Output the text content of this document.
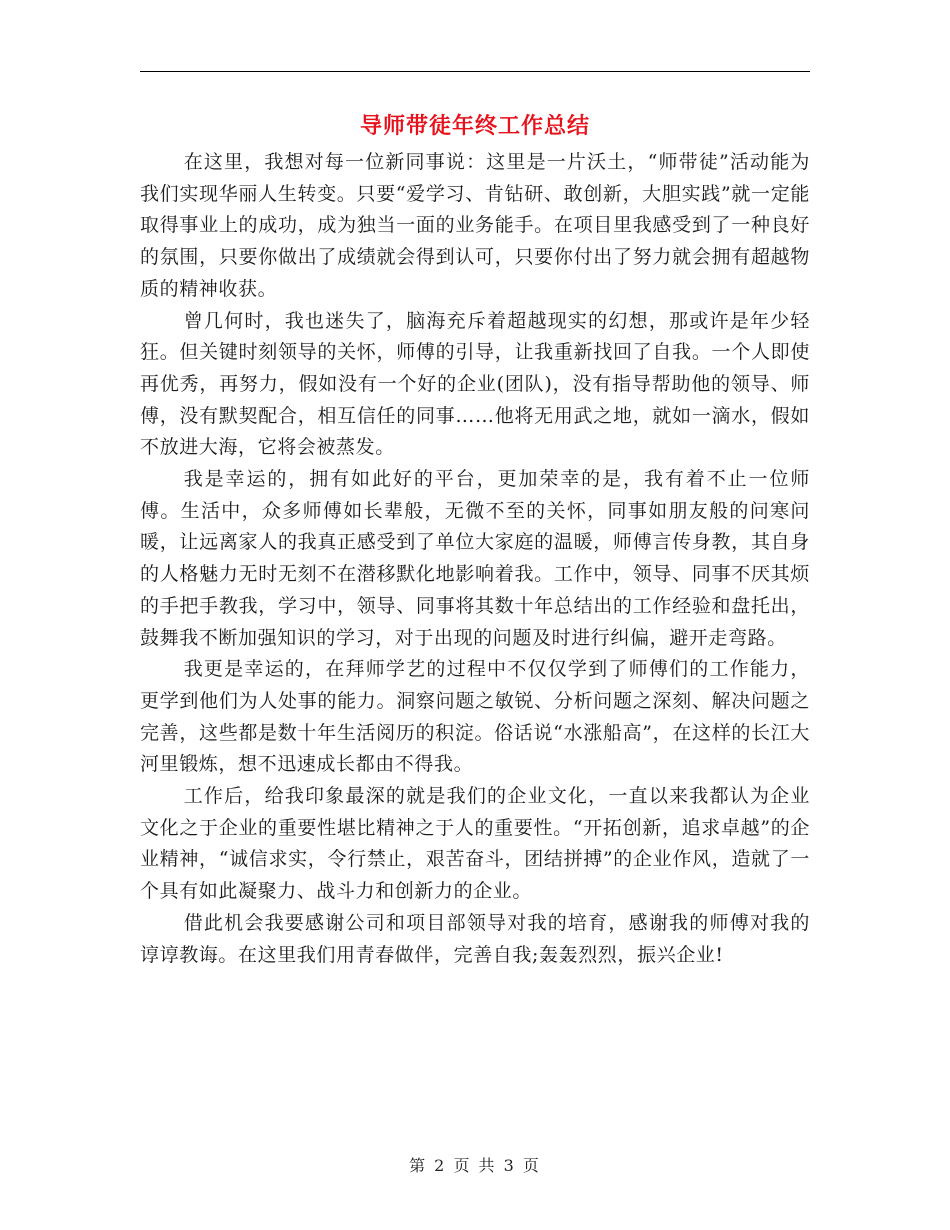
导师带徒年终工作总结

在这里，我想对每一位新同事说：这里是一片沃土，“师带徒”活动能为我们实现华丽人生转变。只要“爱学习、肯钻研、敢创新，大胆实践”就一定能取得事业上的成功，成为独当一面的业务能手。在项目里我感受到了一种良好的氛围，只要你做出了成绩就会得到认可，只要你付出了努力就会拥有超越物质的精神收获。

曾几何时，我也迷失了，脑海充斥着超越现实的幻想，那或许是年少轻狂。但关键时刻领导的关怀，师傅的引导，让我重新找回了自我。一个人即使再优秀，再努力，假如没有一个好的企业(团队)，没有指导帮助他的领导、师傅，没有默契配合，相互信任的同事……他将无用武之地，就如一滴水，假如不放进大海，它将会被蒸发。

我是幸运的，拥有如此好的平台，更加荣幸的是，我有着不止一位师傅。生活中，众多师傅如长辈般，无微不至的关怀，同事如朋友般的问寒问暖，让远离家人的我真正感受到了单位大家庭的温暖，师傅言传身教，其自身的人格魅力无时无刻不在潜移默化地影响着我。工作中，领导、同事不厌其烦的手把手教我，学习中，领导、同事将其数十年总结出的工作经验和盘托出，鼓舞我不断加强知识的学习，对于出现的问题及时进行纠偏，避开走弯路。

我更是幸运的，在拜师学艺的过程中不仅仅学到了师傅们的工作能力，更学到他们为人处事的能力。洞察问题之敏锐、分析问题之深刻、解决问题之完善，这些都是数十年生活阅历的积淀。俗话说“水涨船高”，在这样的长江大河里锻炼，想不迅速成长都由不得我。

工作后，给我印象最深的就是我们的企业文化，一直以来我都认为企业文化之于企业的重要性堪比精神之于人的重要性。“开拓创新，追求卓越”的企业精神，“诚信求实，令行禁止，艰苦奋斗，团结拼搏”的企业作风，造就了一个具有如此凝聚力、战斗力和创新力的企业。

借此机会我要感谢公司和项目部领导对我的培育，感谢我的师傅对我的谆谆教诲。在这里我们用青春做伴，完善自我;轰轰烈烈，振兴企业!

第 2 页 共 3 页
